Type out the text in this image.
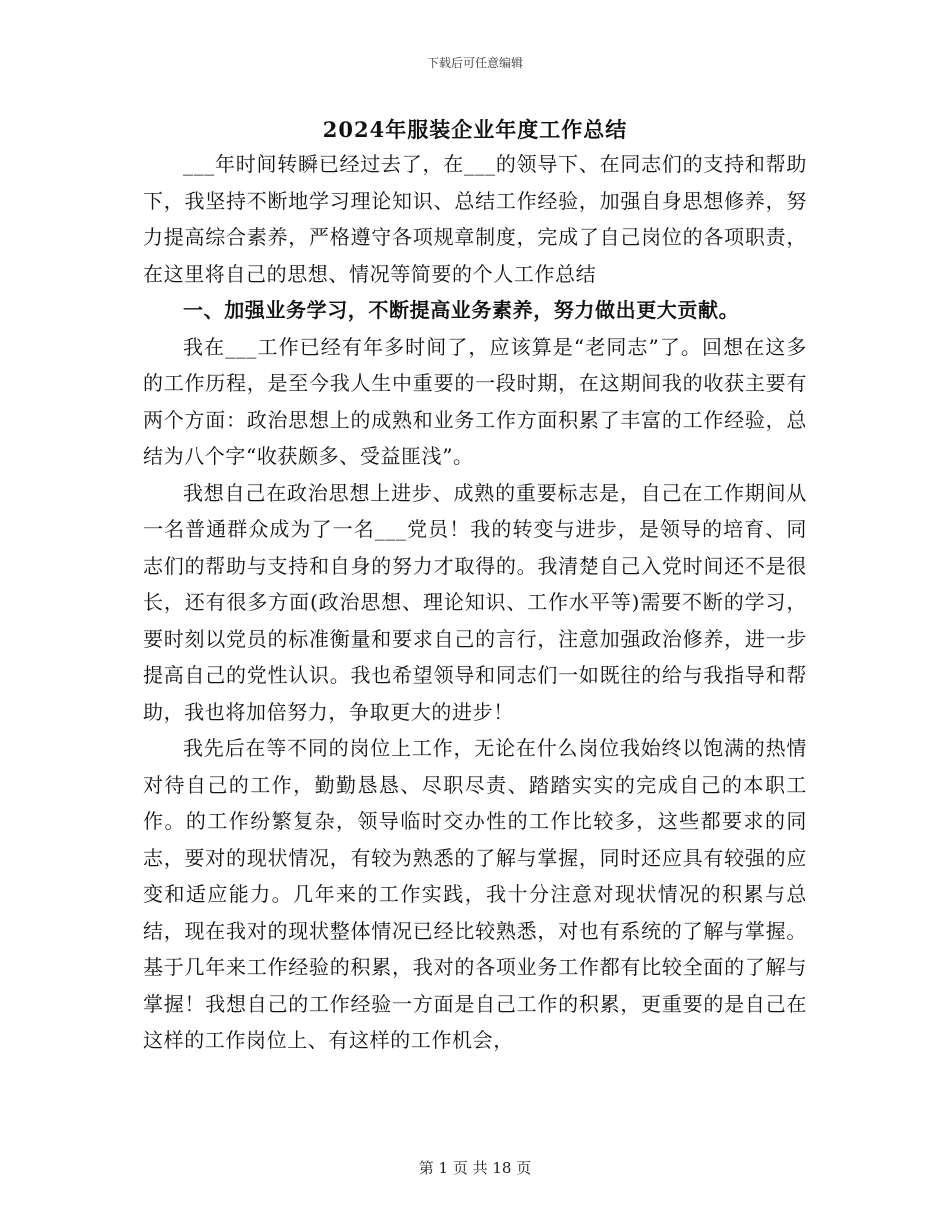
下载后可任意编辑
2024年服装企业年度工作总结

___年时间转瞬已经过去了，在___的领导下、在同志们的支持和帮助下，我坚持不断地学习理论知识、总结工作经验，加强自身思想修养，努力提高综合素养，严格遵守各项规章制度，完成了自己岗位的各项职责，在这里将自己的思想、情况等简要的个人工作总结

一、加强业务学习，不断提高业务素养，努力做出更大贡献。

我在___工作已经有年多时间了，应该算是“老同志”了。回想在这多的工作历程，是至今我人生中重要的一段时期，在这期间我的收获主要有两个方面：政治思想上的成熟和业务工作方面积累了丰富的工作经验，总结为八个字“收获颇多、受益匪浅”。

我想自己在政治思想上进步、成熟的重要标志是，自己在工作期间从一名普通群众成为了一名___党员！我的转变与进步，是领导的培育、同志们的帮助与支持和自身的努力才取得的。我清楚自己入党时间还不是很长，还有很多方面(政治思想、理论知识、工作水平等)需要不断的学习，要时刻以党员的标准衡量和要求自己的言行，注意加强政治修养，进一步提高自己的党性认识。我也希望领导和同志们一如既往的给与我指导和帮助，我也将加倍努力，争取更大的进步！

我先后在等不同的岗位上工作，无论在什么岗位我始终以饱满的热情对待自己的工作，勤勤恳恳、尽职尽责、踏踏实实的完成自己的本职工作。的工作纷繁复杂，领导临时交办性的工作比较多，这些都要求的同志，要对的现状情况，有较为熟悉的了解与掌握，同时还应具有较强的应变和适应能力。几年来的工作实践，我十分注意对现状情况的积累与总结，现在我对的现状整体情况已经比较熟悉，对也有系统的了解与掌握。基于几年来工作经验的积累，我对的各项业务工作都有比较全面的了解与掌握！我想自己的工作经验一方面是自己工作的积累，更重要的是自己在这样的工作岗位上、有这样的工作机会，

第 1 页 共 18 页
